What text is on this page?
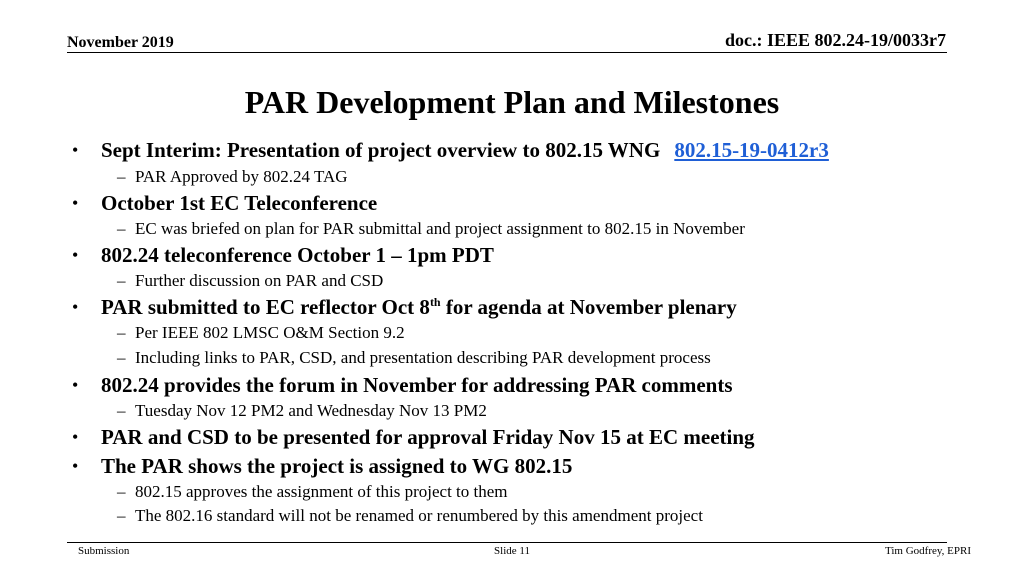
November 2019	doc.: IEEE 802.24-19/0033r7
PAR Development Plan and Milestones
• Sept Interim: Presentation of project overview to 802.15 WNG 802.15-19-0412r3
– PAR Approved by 802.24 TAG
• October 1st EC Teleconference
– EC was briefed on plan for PAR submittal and project assignment to 802.15 in November
• 802.24 teleconference October 1 – 1pm PDT
– Further discussion on PAR and CSD
• PAR submitted to EC reflector Oct 8th for agenda at November plenary
– Per IEEE 802 LMSC O&M Section 9.2
– Including links to PAR, CSD, and presentation describing PAR development process
• 802.24 provides the forum in November for addressing PAR comments
– Tuesday Nov 12 PM2 and Wednesday Nov 13 PM2
• PAR and CSD to be presented for approval Friday Nov 15 at EC meeting
• The PAR shows the project is assigned to WG 802.15
– 802.15 approves the assignment of this project to them
– The 802.16 standard will not be renamed or renumbered by this amendment project
Submission	Slide 11	Tim Godfrey, EPRI
